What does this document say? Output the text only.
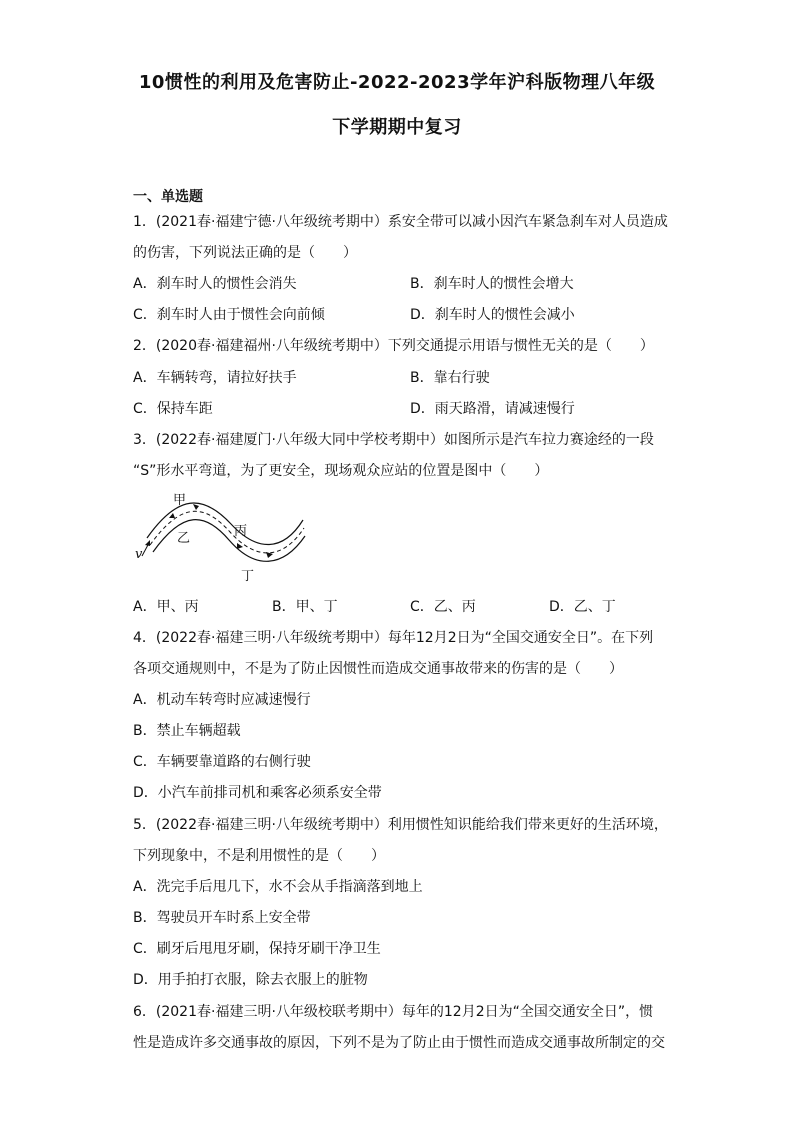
10惯性的利用及危害防止-2022-2023学年沪科版物理八年级
下学期期中复习
一、单选题
1．(2021春·福建宁德·八年级统考期中）系安全带可以减小因汽车紧急刹车对人员造成
的伤害，下列说法正确的是（　　）
A．刹车时人的惯性会消失	B．刹车时人的惯性会增大
C．刹车时人由于惯性会向前倾	D．刹车时人的惯性会减小
2．(2020春·福建福州·八年级统考期中）下列交通提示用语与惯性无关的是（　　）
A．车辆转弯，请拉好扶手	B．靠右行驶
C．保持车距	D．雨天路滑，请减速慢行
3．(2022春·福建厦门·八年级大同中学校考期中）如图所示是汽车拉力赛途经的一段
“S”形水平弯道，为了更安全，现场观众应站的位置是图中（　　）
甲
乙	丙
丁
v
A．甲、丙	B．甲、丁	C．乙、丙	D．乙、丁
4．(2022春·福建三明·八年级统考期中）每年12月2日为“全国交通安全日”。在下列
各项交通规则中，不是为了防止因惯性而造成交通事故带来的伤害的是（　　）
A．机动车转弯时应减速慢行
B．禁止车辆超载
C．车辆要靠道路的右侧行驶
D．小汽车前排司机和乘客必须系安全带
5．(2022春·福建三明·八年级统考期中）利用惯性知识能给我们带来更好的生活环境，
下列现象中，不是利用惯性的是（　　）
A．洗完手后甩几下，水不会从手指滴落到地上
B．驾驶员开车时系上安全带
C．刷牙后甩甩牙刷，保持牙刷干净卫生
D．用手拍打衣服，除去衣服上的脏物
6．(2021春·福建三明·八年级校联考期中）每年的12月2日为“全国交通安全日”，惯
性是造成许多交通事故的原因，下列不是为了防止由于惯性而造成交通事故所制定的交
